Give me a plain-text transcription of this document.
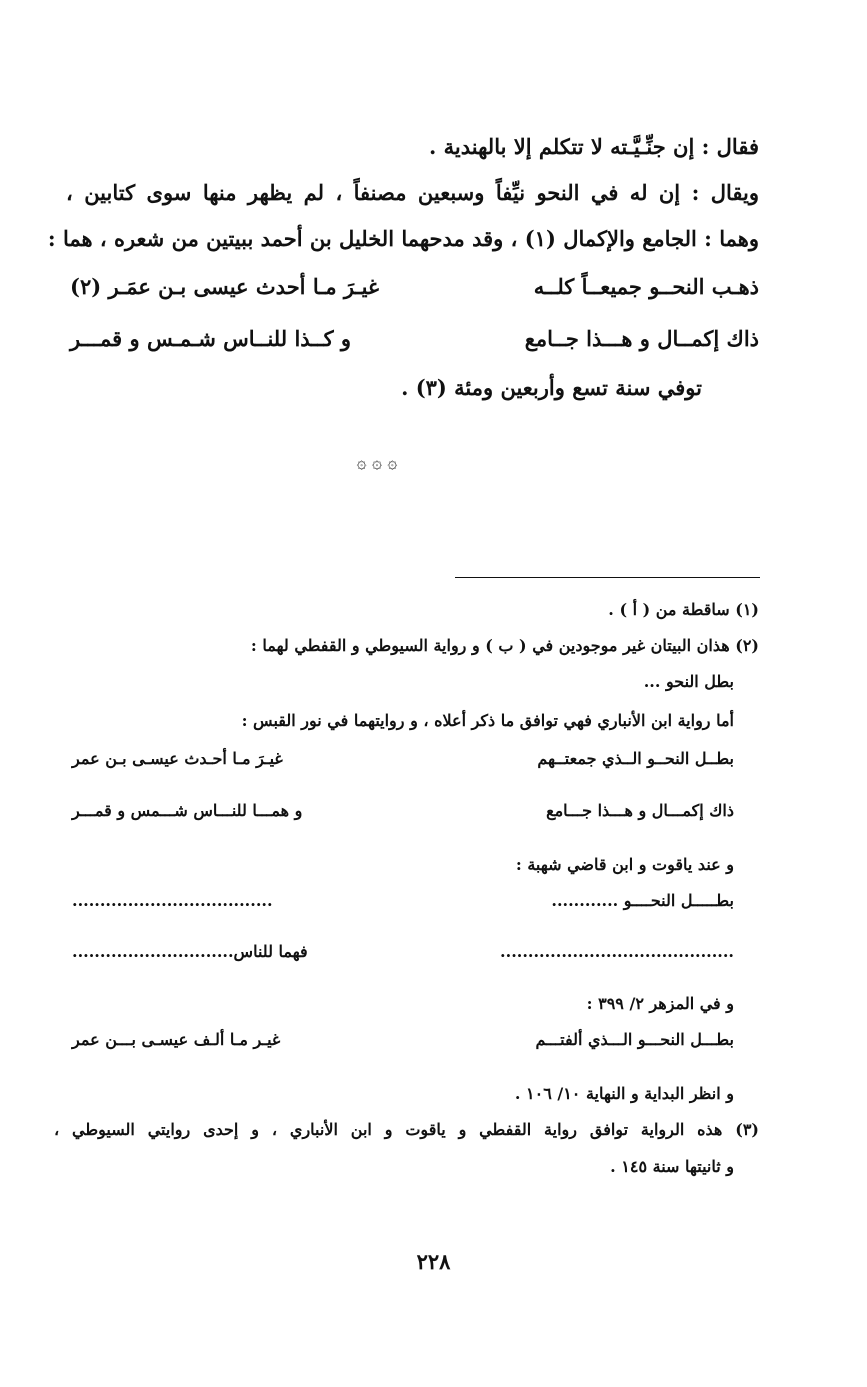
فقال : إن جنِّـيَّـته لا تتكلم إلا بالهندية .
ويقال : إن له في النحو نيِّفاً وسبعين مصنفاً ، لم يظهر منها سوى كتابين ،
وهما : الجامع والإكمال (١) ، وقد مدحهما الخليل بن أحمد ببيتين من شعره ، هما :
ذهـب النحــو جميعــاً كلــه
غيـرَ مـا أحدث عيسى بـن عمَـر (٢)
ذاك إكمــال و هـــذا جــامع
و كــذا للنــاس شـمـس و قمـــر
توفي سنة تسع وأربعين ومئة (٣) .
۞ ۞ ۞
(١) ساقطة من ( أ ) .
(٢) هذان البيتان غير موجودين في ( ب ) و رواية السيوطي و القفطي لهما :
بطل النحو ...
أما رواية ابن الأنباري فهي توافق ما ذكر أعلاه ، و روايتهما في نور القبس :
بطــل النحــو الــذي جمعتــهم
غيـرَ مـا أحـدث عيسـى بـن عمر
ذاك إكمـــال و هـــذا جـــامع
و همـــا للنـــاس شـــمس و قمـــر
و عند ياقوت و ابن قاضي شهبة :
بطـــــل النحــــو ............
....................................
..........................................
فهما للناس.............................
و في المزهر ٢/ ٣٩٩ :
بطـــل النحـــو الـــذي ألفتـــم
غيـر مـا ألـف عيسـى بـــن عمر
و انظر البداية و النهاية ١٠/ ١٠٦ .
(٣) هذه الرواية توافق رواية القفطي و ياقوت و ابن الأنباري ، و إحدى روايتي السيوطي ،
و ثانيتها سنة ١٤٥ .
٢٢٨
